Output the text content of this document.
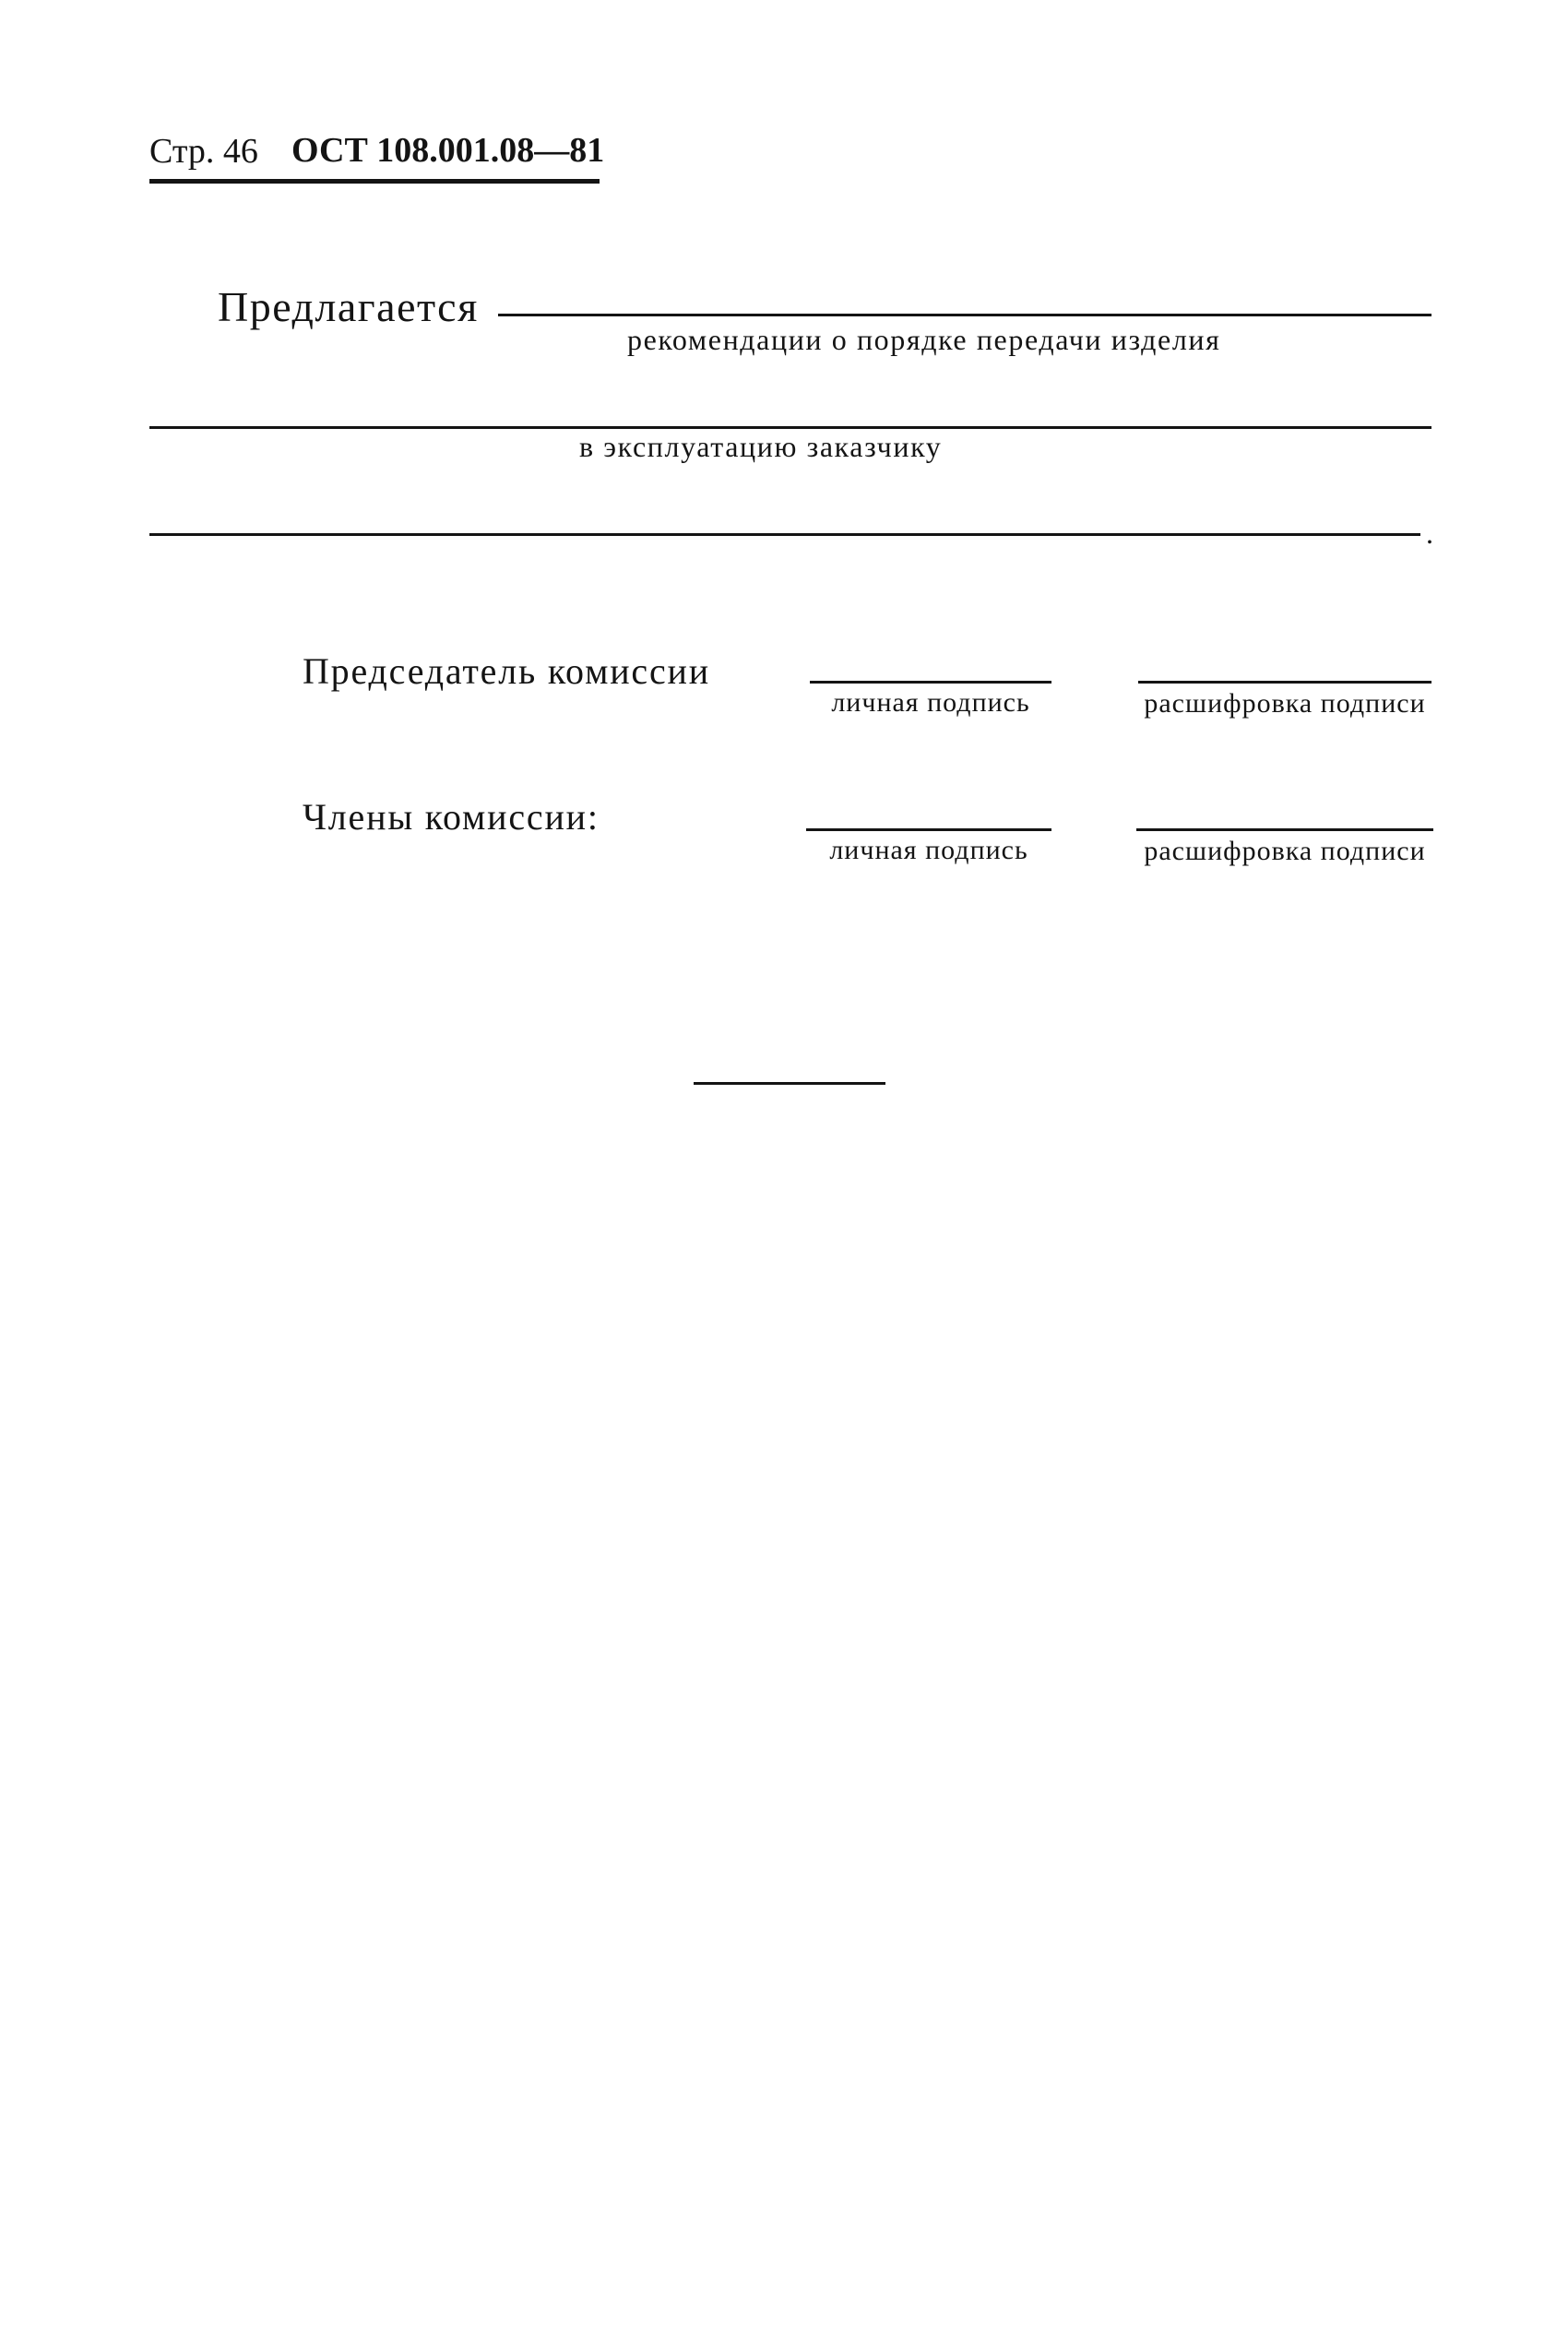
Стр. 46 ОСТ 108.001.08—81
Предлагается
рекомендации о порядке передачи изделия
в эксплуатацию заказчику
.
Председатель комиссии
личная подпись	расшифровка подписи
Члены комиссии:
личная подпись	расшифровка подписи
